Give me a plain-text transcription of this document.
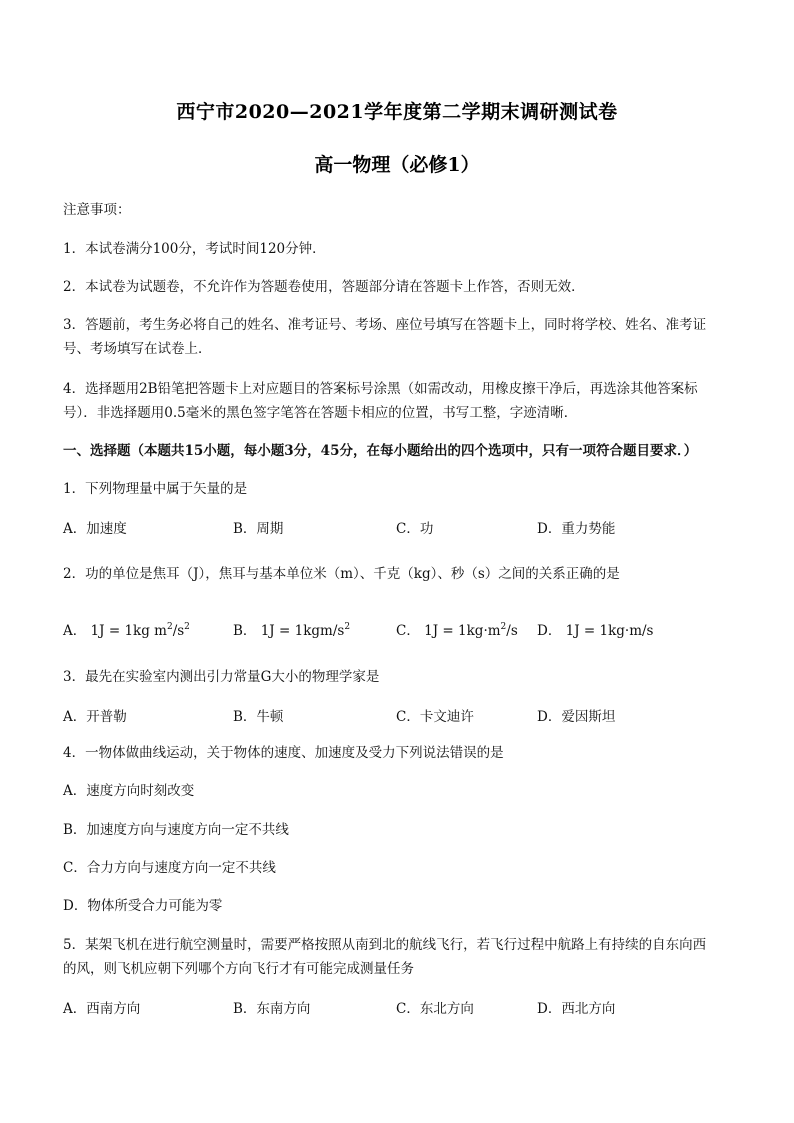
西宁市2020—2021学年度第二学期末调研测试卷
高一物理（必修1）
注意事项：
1．本试卷满分100分，考试时间120分钟．
2．本试卷为试题卷，不允许作为答题卷使用，答题部分请在答题卡上作答，否则无效．
3．答题前，考生务必将自己的姓名、准考证号、考场、座位号填写在答题卡上，同时将学校、姓名、准考证
号、考场填写在试卷上．
4．选择题用2B铅笔把答题卡上对应题目的答案标号涂黑（如需改动，用橡皮擦干净后，再选涂其他答案标
号）．非选择题用0.5毫米的黑色签字笔答在答题卡相应的位置，书写工整，字迹清晰．
一、选择题（本题共15小题，每小题3分，45分，在每小题给出的四个选项中，只有一项符合题目要求．）
1．下列物理量中属于矢量的是
A．加速度	B．周期	C．功	D．重力势能
2．功的单位是焦耳（J），焦耳与基本单位米（m）、千克（kg）、秒（s）之间的关系正确的是
A． 1J = 1kg $m^2/s^2$	B． $1J = 1kgm/s^2$	C． $1J = 1kg\cdot m^2/s$ D． 1J = 1kg·m/s
3．最先在实验室内测出引力常量G大小的物理学家是
A．开普勒	B．牛顿	C．卡文迪许	D．爱因斯坦
4．一物体做曲线运动，关于物体的速度、加速度及受力下列说法错误的是
A．速度方向时刻改变
B．加速度方向与速度方向一定不共线
C．合力方向与速度方向一定不共线
D．物体所受合力可能为零
5．某架飞机在进行航空测量时，需要严格按照从南到北的航线飞行，若飞行过程中航路上有持续的自东向西
的风，则飞机应朝下列哪个方向飞行才有可能完成测量任务
A．西南方向	B．东南方向	C．东北方向	D．西北方向
